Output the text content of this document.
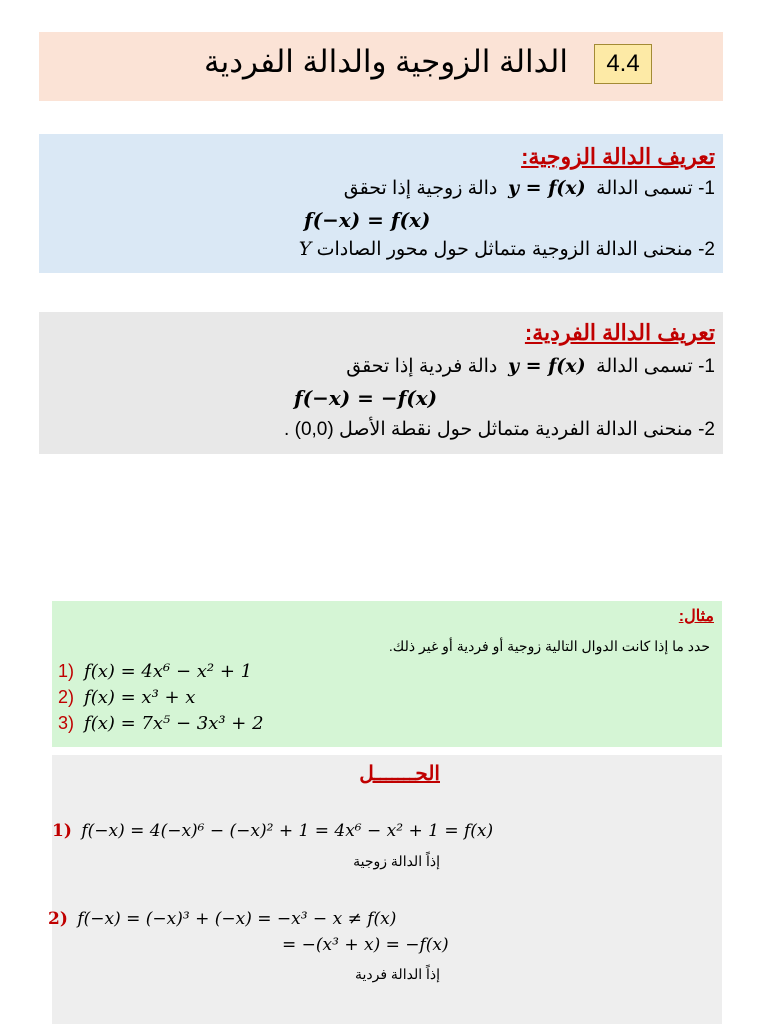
4.4
الدالة الزوجية والدالة الفردية
تعريف الدالة الزوجية:
1- تسمى الدالة  y = f(x)  دالة زوجية إذا تحقق
f(−x) = f(x)
2- منحنى الدالة الزوجية متماثل حول محور الصادات Y
تعريف الدالة الفردية:
1- تسمى الدالة  y = f(x)  دالة فردية إذا تحقق
f(−x) = −f(x)
2- منحنى الدالة الفردية متماثل حول نقطة الأصل (0,0) .
مثال:
حدد ما إذا كانت الدوال التالية زوجية أو فردية أو غير ذلك.
1) f(x) = 4x⁶ − x² + 1
2) f(x) = x³ + x
3) f(x) = 7x⁵ − 3x³ + 2
الحـــــــل
1) f(−x) = 4(−x)⁶ − (−x)² + 1 = 4x⁶ − x² + 1 = f(x)
إذاً الدالة زوجية
2) f(−x) = (−x)³ + (−x) = −x³ − x ≠ f(x)
= −(x³ + x) = −f(x)
إذاً الدالة فردية
